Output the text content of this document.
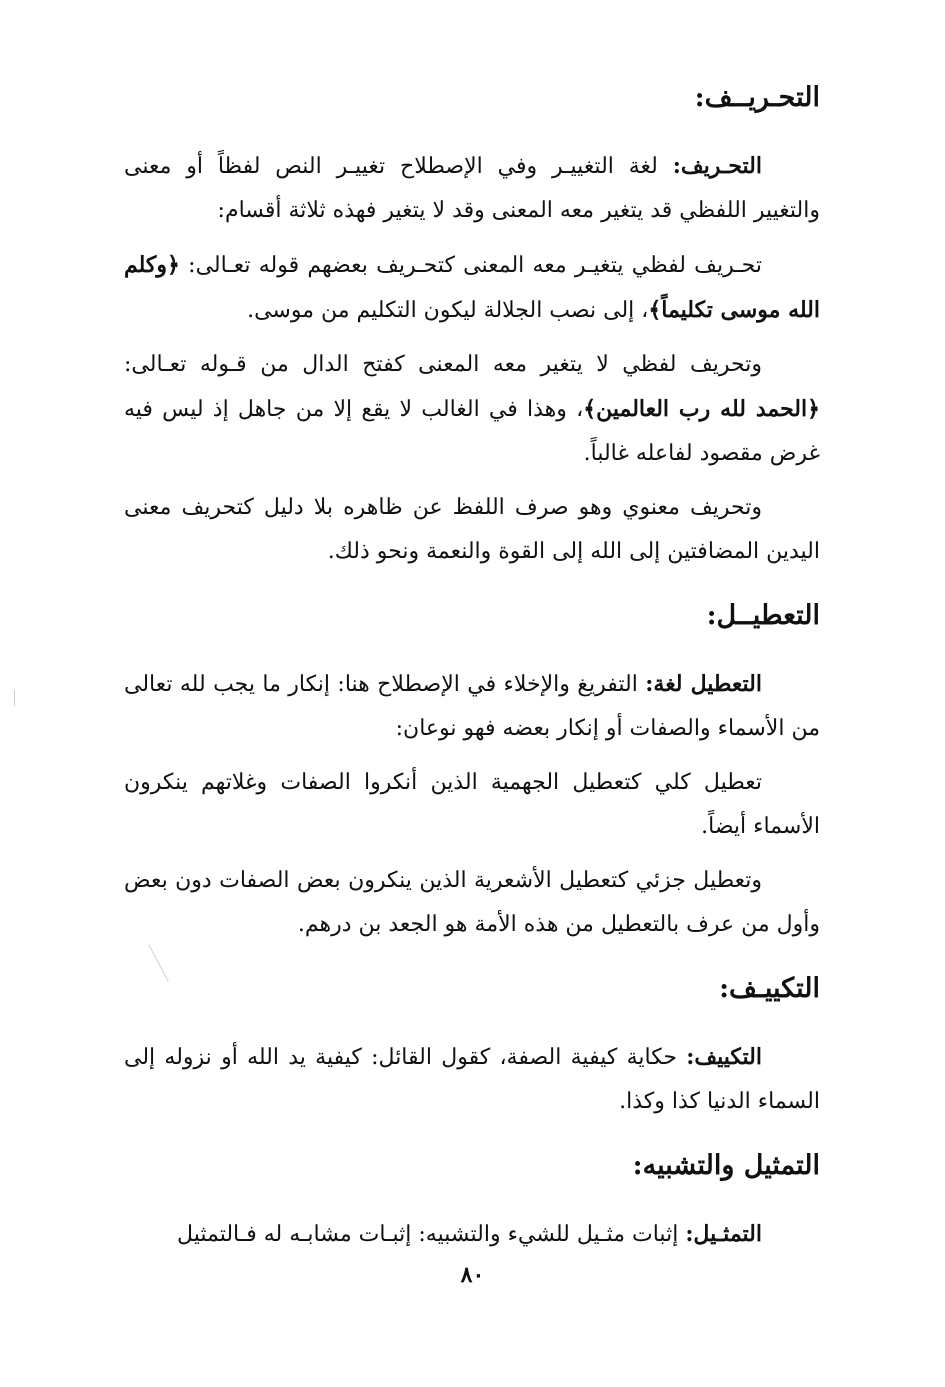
التحـريــف:

التحـريف: لغة التغييـر وفي الإصطلاح تغييـر النص لفظاً أو معنى والتغيير اللفظي قد يتغير معه المعنى وقد لا يتغير فهذه ثلاثة أقسام:

تحـريف لفظي يتغيـر معه المعنى كتحـريف بعضهم قوله تعـالى: ﴿وكلم الله موسى تكليماً﴾، إلى نصب الجلالة ليكون التكليم من موسى.

وتحريف لفظي لا يتغير معه المعنى كفتح الدال من قـوله تعـالى: ﴿الحمد لله رب العالمين﴾، وهذا في الغالب لا يقع إلا من جاهل إذ ليس فيه غرض مقصود لفاعله غالباً.

وتحريف معنوي وهو صرف اللفظ عن ظاهره بلا دليل كتحريف معنى اليدين المضافتين إلى الله إلى القوة والنعمة ونحو ذلك.

التعطيــل:

التعطيل لغة: التفريغ والإخلاء في الإصطلاح هنا: إنكار ما يجب لله تعالى من الأسماء والصفات أو إنكار بعضه فهو نوعان:

تعطيل كلي كتعطيل الجهمية الذين أنكروا الصفات وغلاتهم ينكرون الأسماء أيضاً.

وتعطيل جزئي كتعطيل الأشعرية الذين ينكرون بعض الصفات دون بعض وأول من عرف بالتعطيل من هذه الأمة هو الجعد بن درهم.

التكييـف:

التكييف: حكاية كيفية الصفة، كقول القائل: كيفية يد الله أو نزوله إلى السماء الدنيا كذا وكذا.

التمثيل والتشبيه:

التمثـيل: إثبات مثـيل للشيء والتشبيه: إثبـات مشابـه له فـالتمثيل

٨٠
